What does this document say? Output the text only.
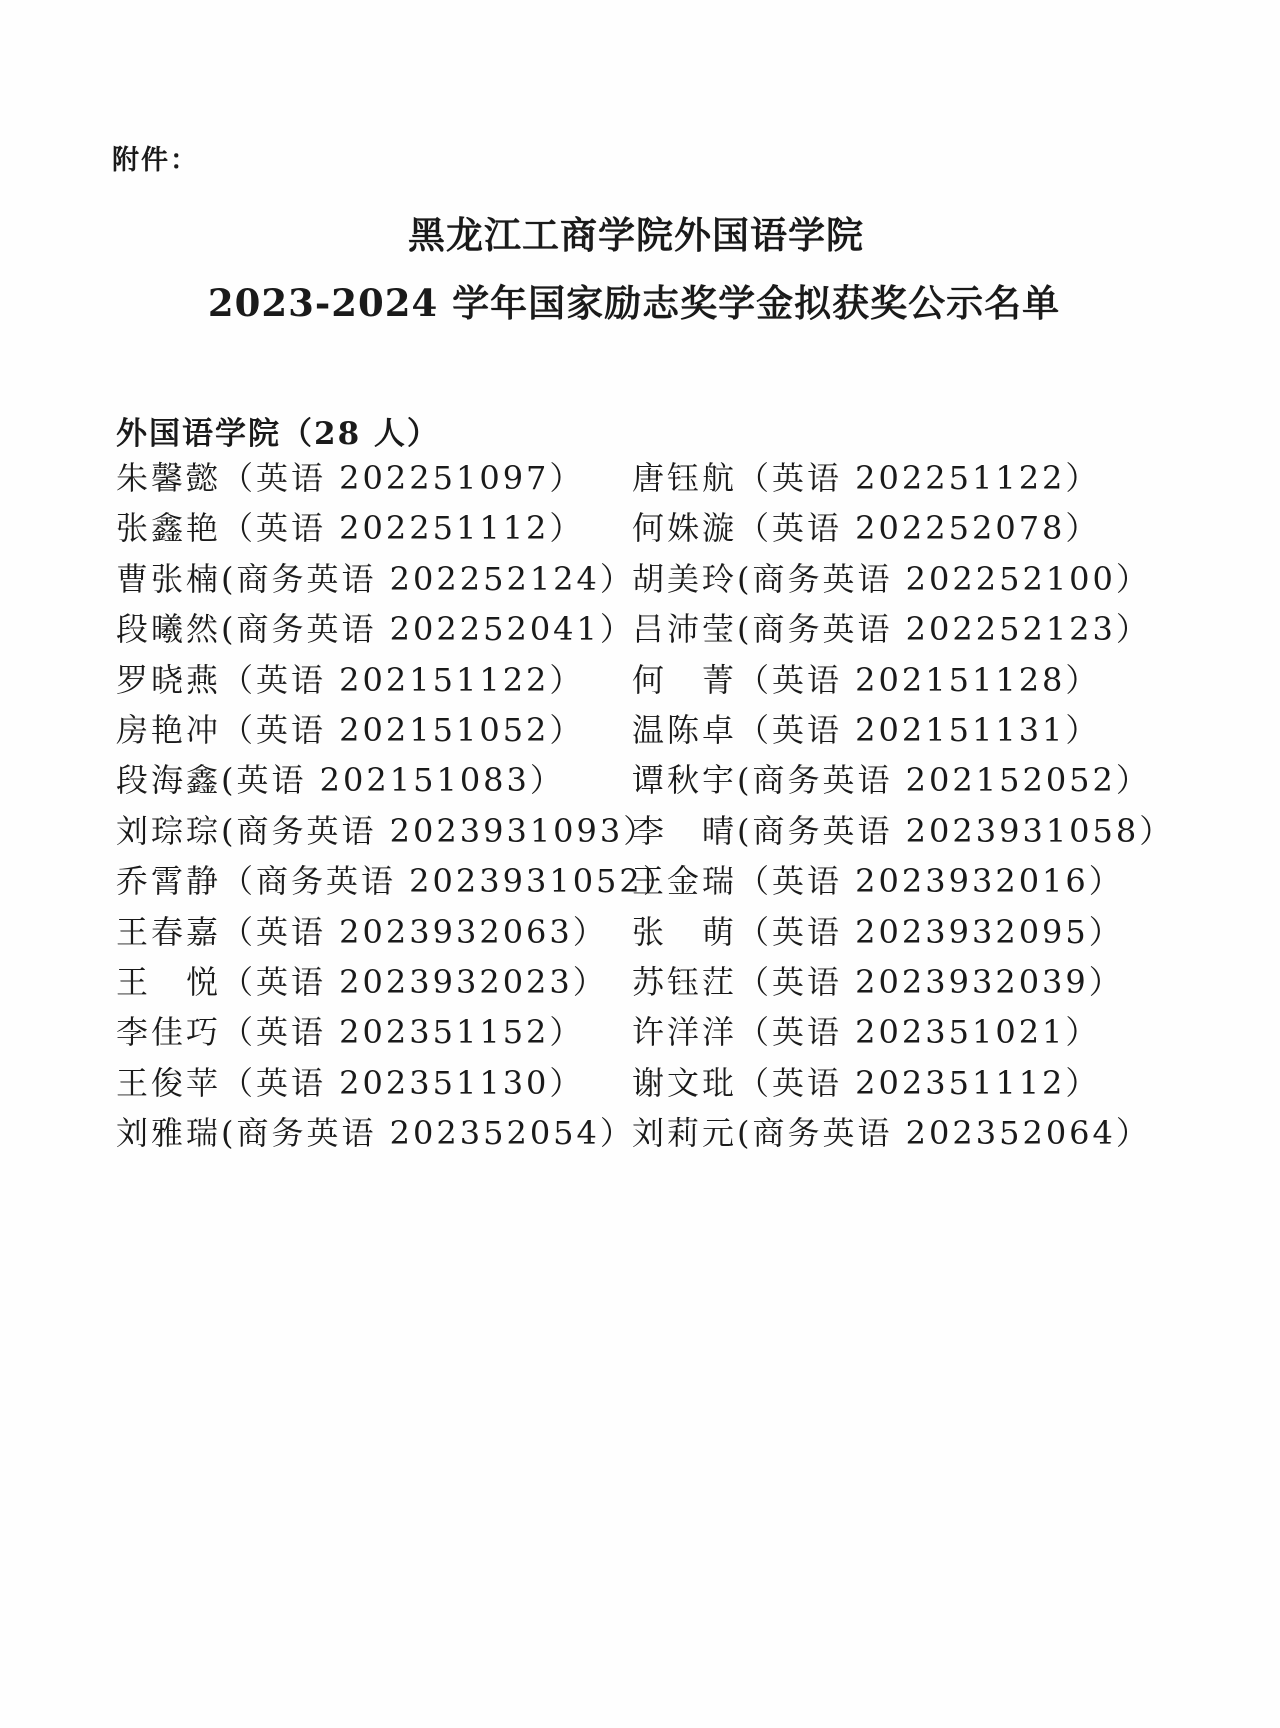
附件：
黑龙江工商学院外国语学院
2023-2024 学年国家励志奖学金拟获奖公示名单
外国语学院（28 人）
朱馨懿（英语 202251097） 唐钰航（英语 202251122）
张鑫艳（英语 202251112） 何姝漩（英语 202252078）
曹张楠(商务英语 202252124）
胡美玲(商务英语 202252100）
段曦然(商务英语 202252041）
吕沛莹(商务英语 202252123）
罗晓燕（英语 202151122） 何　菁（英语 202151128）
房艳冲（英语 202151052） 温陈卓（英语 202151131）
段海鑫(英语 202151083） 谭秋宇(商务英语 202152052）
刘琮琮(商务英语 2023931093）
李　晴(商务英语 2023931058）
乔霄静（商务英语 2023931052）
王金瑞（英语 2023932016）
王春嘉（英语 2023932063） 张　萌（英语 2023932095）
王　悦（英语 2023932023） 苏钰茳（英语 2023932039）
李佳巧（英语 202351152） 许洋洋（英语 202351021）
王俊苹（英语 202351130） 谢文玭（英语 202351112）
刘雅瑞(商务英语 202352054）
刘莉元(商务英语 202352064）
